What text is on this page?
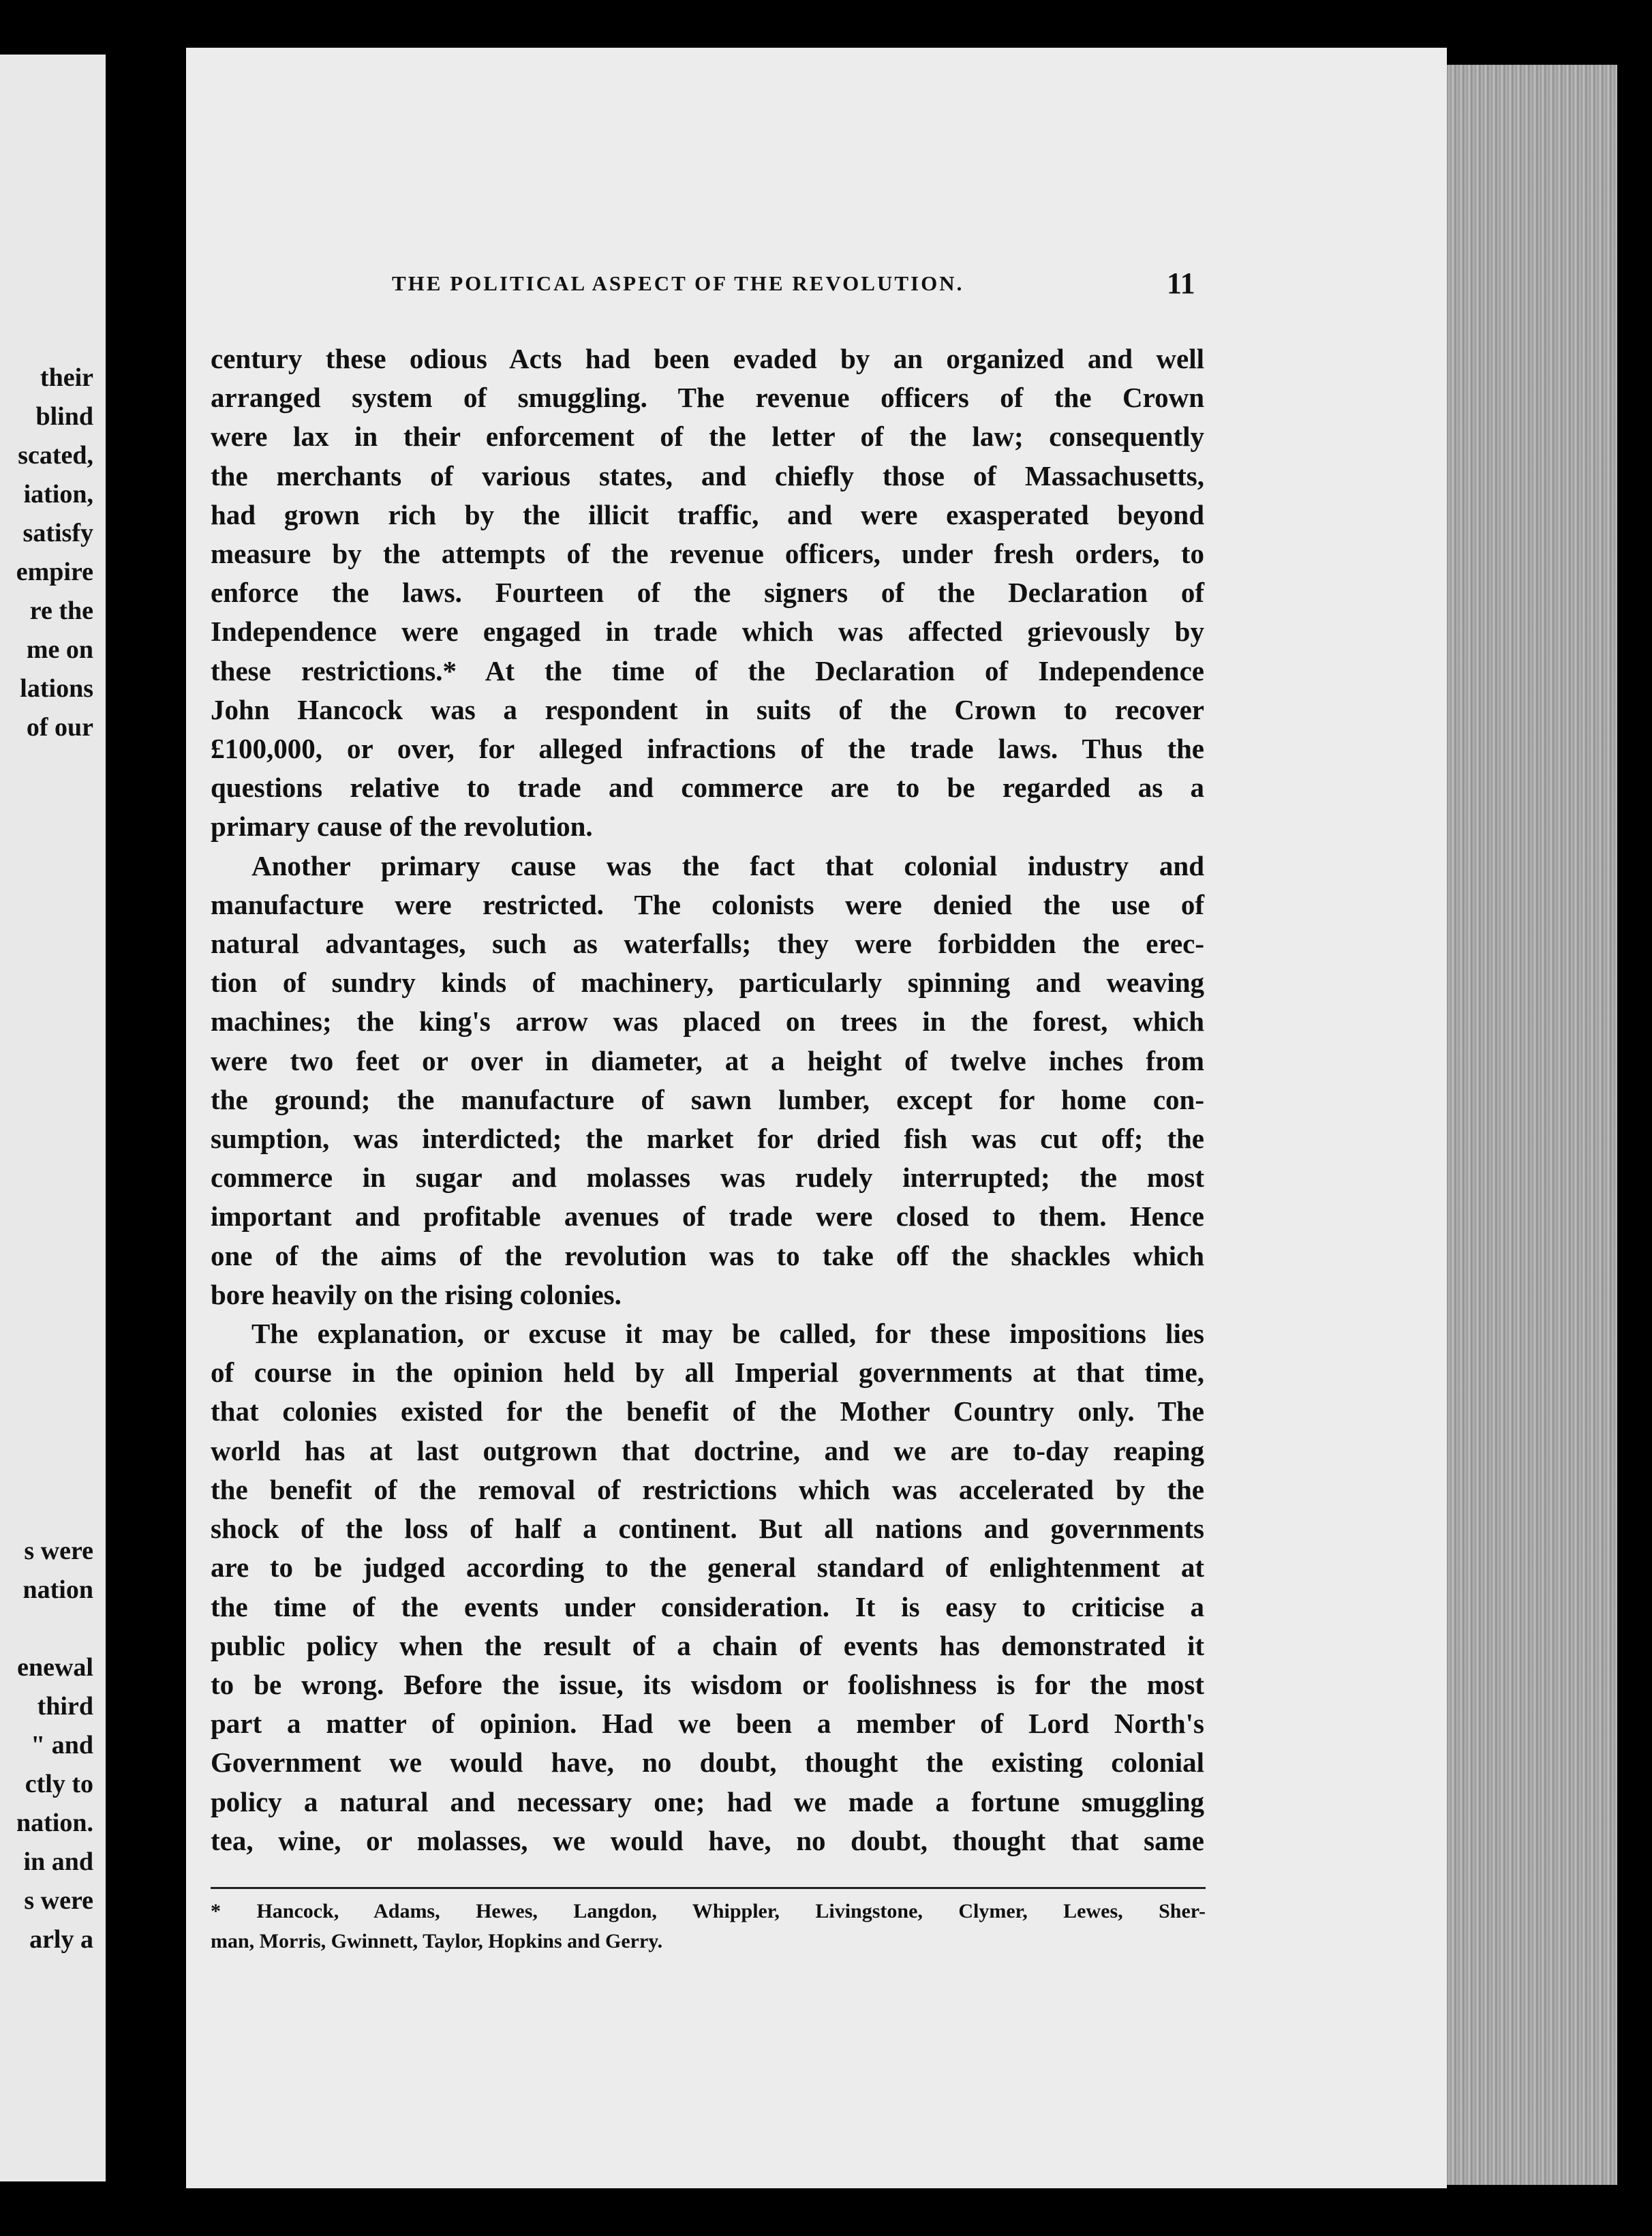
their
blind
scated,
iation,
satisfy
empire
re the
me on
lations
of our
s were
nation
enewal
third
" and
ctly to
nation.
in and
s were
arly a
THE POLITICAL ASPECT OF THE REVOLUTION.	11

century these odious Acts had been evaded by an organized and well

arranged system of smuggling. The revenue officers of the Crown

were lax in their enforcement of the letter of the law; consequently

the merchants of various states, and chiefly those of Massachusetts,

had grown rich by the illicit traffic, and were exasperated beyond

measure by the attempts of the revenue officers, under fresh orders, to

enforce the laws. Fourteen of the signers of the Declaration of

Independence were engaged in trade which was affected grievously by

these restrictions.* At the time of the Declaration of Independence

John Hancock was a respondent in suits of the Crown to recover

£100,000, or over, for alleged infractions of the trade laws. Thus the

questions relative to trade and commerce are to be regarded as a

primary cause of the revolution.

Another primary cause was the fact that colonial industry and

manufacture were restricted. The colonists were denied the use of

natural advantages, such as waterfalls; they were forbidden the erec-

tion of sundry kinds of machinery, particularly spinning and weaving

machines; the king's arrow was placed on trees in the forest, which

were two feet or over in diameter, at a height of twelve inches from

the ground; the manufacture of sawn lumber, except for home con-

sumption, was interdicted; the market for dried fish was cut off; the

commerce in sugar and molasses was rudely interrupted; the most

important and profitable avenues of trade were closed to them. Hence

one of the aims of the revolution was to take off the shackles which

bore heavily on the rising colonies.

The explanation, or excuse it may be called, for these impositions lies

of course in the opinion held by all Imperial governments at that time,

that colonies existed for the benefit of the Mother Country only. The

world has at last outgrown that doctrine, and we are to-day reaping

the benefit of the removal of restrictions which was accelerated by the

shock of the loss of half a continent. But all nations and governments

are to be judged according to the general standard of enlightenment at

the time of the events under consideration. It is easy to criticise a

public policy when the result of a chain of events has demonstrated it

to be wrong. Before the issue, its wisdom or foolishness is for the most

part a matter of opinion. Had we been a member of Lord North's

Government we would have, no doubt, thought the existing colonial

policy a natural and necessary one; had we made a fortune smuggling

tea, wine, or molasses, we would have, no doubt, thought that same

* Hancock, Adams, Hewes, Langdon, Whippler, Livingstone, Clymer, Lewes, Sher-
man, Morris, Gwinnett, Taylor, Hopkins and Gerry.
